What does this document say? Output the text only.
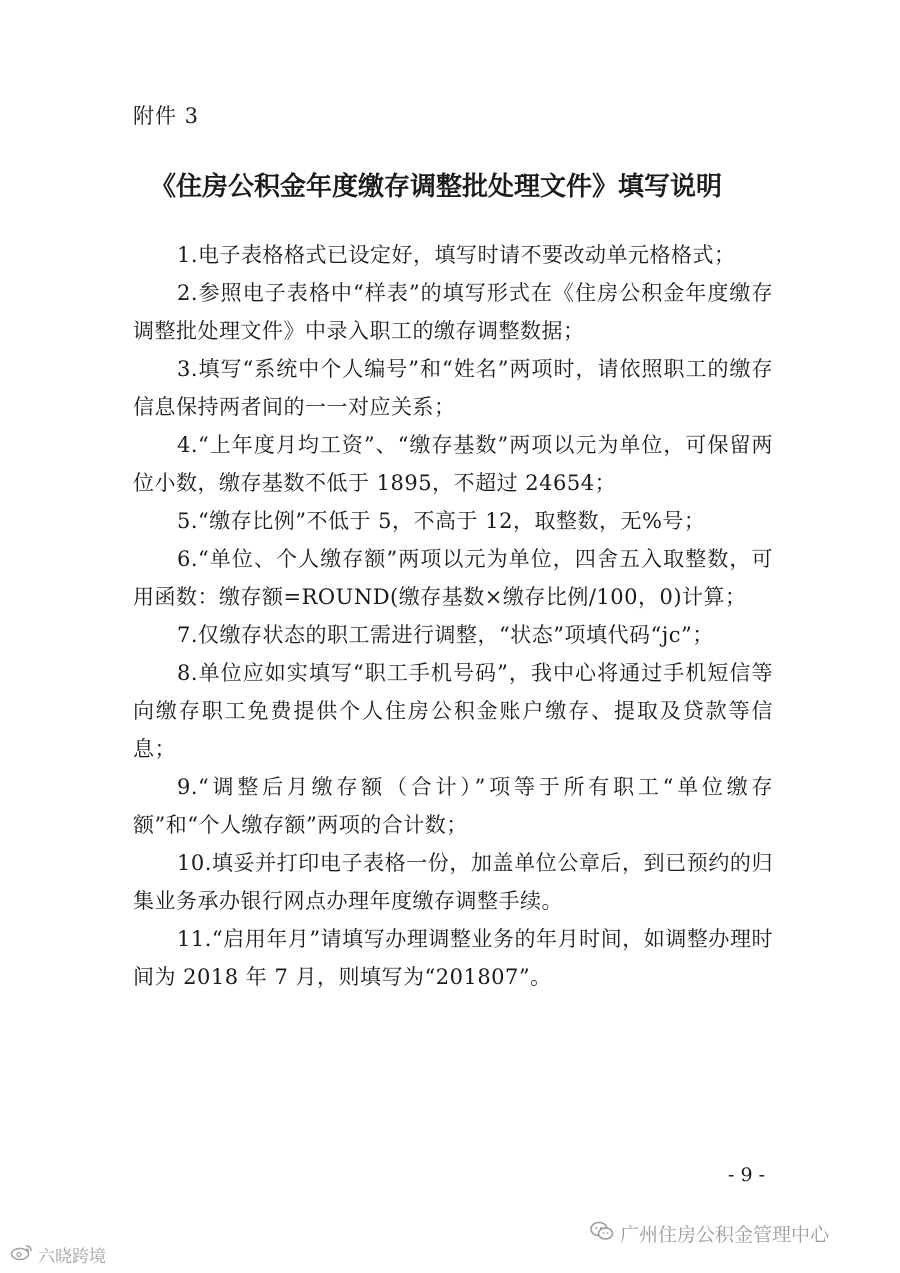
附件 3
《住房公积金年度缴存调整批处理文件》填写说明

1.电子表格格式已设定好，填写时请不要改动单元格格式；

2.参照电子表格中“样表”的填写形式在《住房公积金年度缴存调整批处理文件》中录入职工的缴存调整数据；

3.填写“系统中个人编号”和“姓名”两项时，请依照职工的缴存信息保持两者间的一一对应关系；

4.“上年度月均工资”、“缴存基数”两项以元为单位，可保留两位小数，缴存基数不低于 1895，不超过 24654；

5.“缴存比例”不低于 5，不高于 12，取整数，无%号；

6.“单位、个人缴存额”两项以元为单位，四舍五入取整数，可用函数：缴存额=ROUND(缴存基数×缴存比例/100，0)计算；

7.仅缴存状态的职工需进行调整，“状态”项填代码“jc”；

8.单位应如实填写“职工手机号码”，我中心将通过手机短信等向缴存职工免费提供个人住房公积金账户缴存、提取及贷款等信息；

9.“调整后月缴存额（合计）”项等于所有职工“单位缴存额”和“个人缴存额”两项的合计数；

10.填妥并打印电子表格一份，加盖单位公章后，到已预约的归集业务承办银行网点办理年度缴存调整手续。

11.“启用年月”请填写办理调整业务的年月时间，如调整办理时间为 2018 年 7 月，则填写为“201807”。

- 9 -
广州住房公积金管理中心
六晓跨境
